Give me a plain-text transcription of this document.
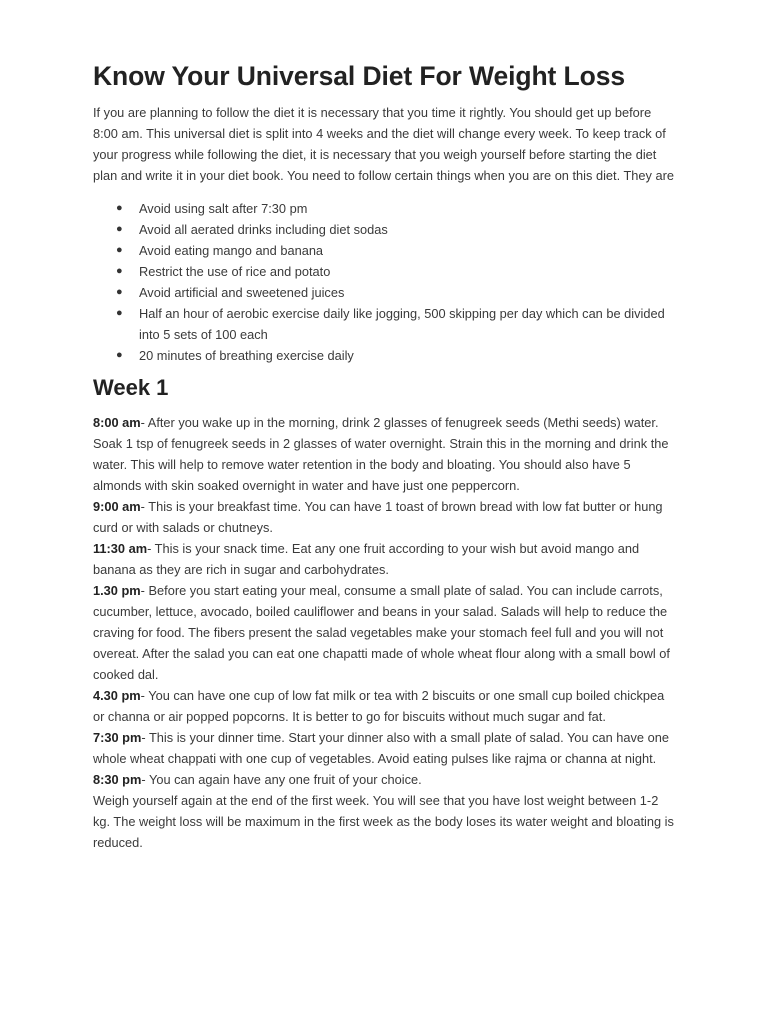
Know Your Universal Diet For Weight Loss

If you are planning to follow the diet it is necessary that you time it rightly. You should get up before 8:00 am. This universal diet is split into 4 weeks and the diet will change every week. To keep track of your progress while following the diet, it is necessary that you weigh yourself before starting the diet plan and write it in your diet book. You need to follow certain things when you are on this diet. They are

● Avoid using salt after 7:30 pm
● Avoid all aerated drinks including diet sodas
● Avoid eating mango and banana
● Restrict the use of rice and potato
● Avoid artificial and sweetened juices
● Half an hour of aerobic exercise daily like jogging, 500 skipping per day which can be divided into 5 sets of 100 each
● 20 minutes of breathing exercise daily
Week 1

8:00 am- After you wake up in the morning, drink 2 glasses of fenugreek seeds (Methi seeds) water. Soak 1 tsp of fenugreek seeds in 2 glasses of water overnight. Strain this in the morning and drink the water. This will help to remove water retention in the body and bloating. You should also have 5 almonds with skin soaked overnight in water and have just one peppercorn.

9:00 am- This is your breakfast time. You can have 1 toast of brown bread with low fat butter or hung curd or with salads or chutneys.

11:30 am- This is your snack time. Eat any one fruit according to your wish but avoid mango and banana as they are rich in sugar and carbohydrates.

1.30 pm- Before you start eating your meal, consume a small plate of salad. You can include carrots, cucumber, lettuce, avocado, boiled cauliflower and beans in your salad. Salads will help to reduce the craving for food. The fibers present the salad vegetables make your stomach feel full and you will not overeat. After the salad you can eat one chapatti made of whole wheat flour along with a small bowl of cooked dal.

4.30 pm- You can have one cup of low fat milk or tea with 2 biscuits or one small cup boiled chickpea or channa or air popped popcorns. It is better to go for biscuits without much sugar and fat.

7:30 pm- This is your dinner time. Start your dinner also with a small plate of salad. You can have one whole wheat chappati with one cup of vegetables. Avoid eating pulses like rajma or channa at night.

8:30 pm- You can again have any one fruit of your choice.

Weigh yourself again at the end of the first week. You will see that you have lost weight between 1-2 kg. The weight loss will be maximum in the first week as the body loses its water weight and bloating is reduced.
